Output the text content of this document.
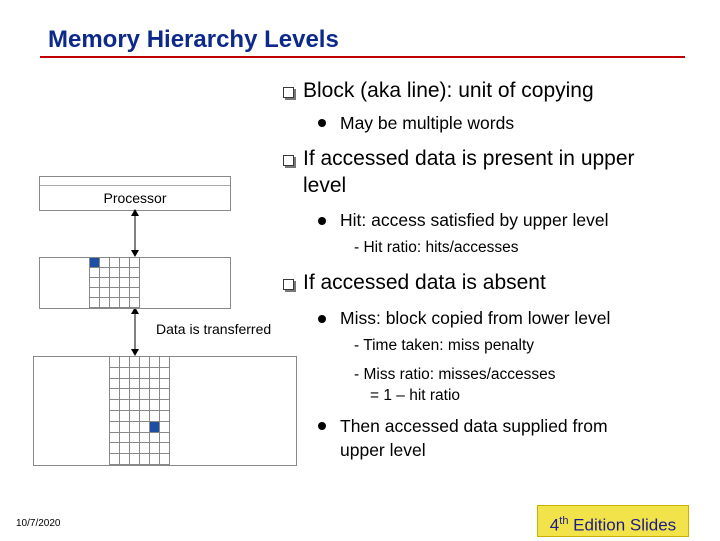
Memory Hierarchy Levels
Block (aka line): unit of copying
May be multiple words
If accessed data is present in upper
level
Hit: access satisfied by upper level
- Hit ratio: hits/accesses
If accessed data is absent
Miss: block copied from lower level
- Time taken: miss penalty
- Miss ratio: misses/accesses
= 1 – hit ratio
Then accessed data supplied from
upper level
Processor
Data is transferred
10/7/2020	4th Edition Slides
